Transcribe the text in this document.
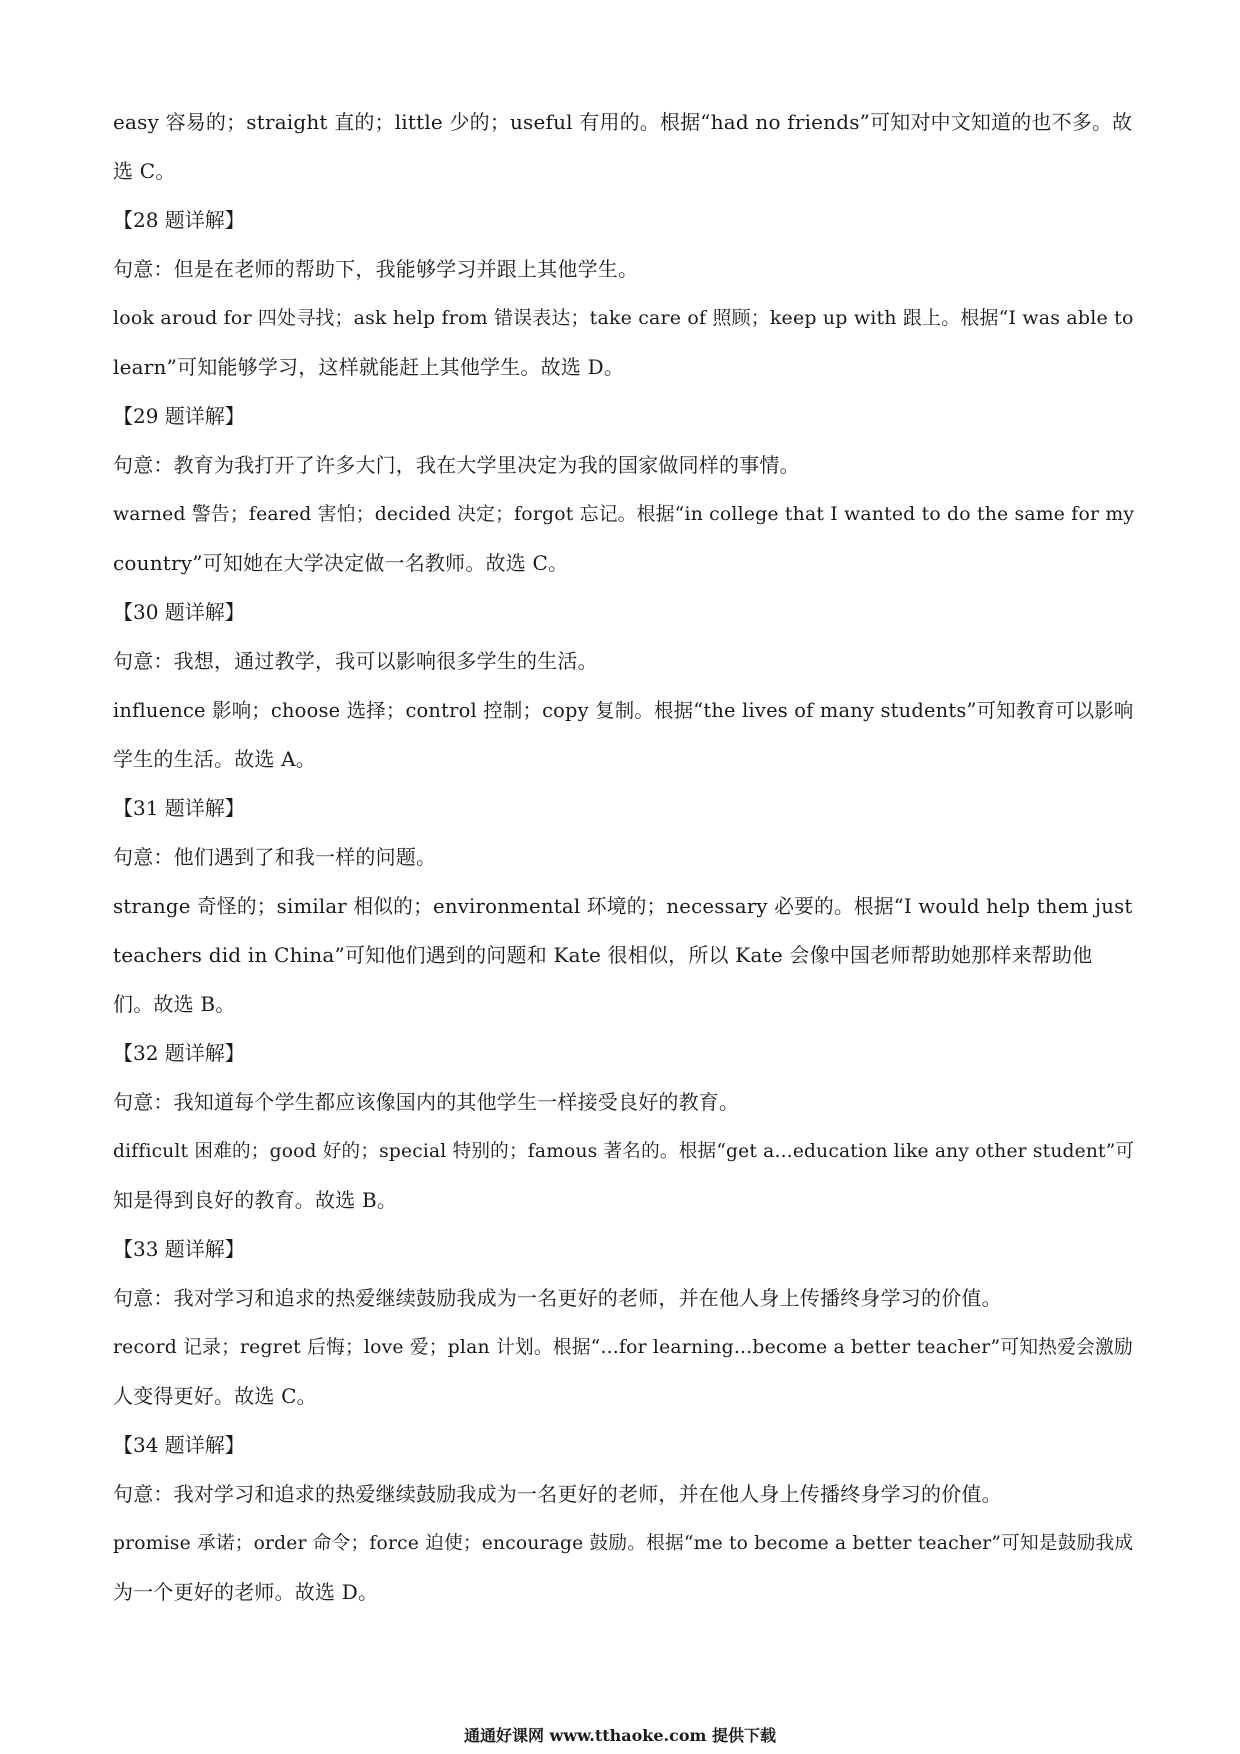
easy 容易的；straight 直的；little 少的；useful 有用的。根据“had no friends”可知对中文知道的也不多。故
选 C。
【28 题详解】
句意：但是在老师的帮助下，我能够学习并跟上其他学生。
look aroud for 四处寻找；ask help from 错误表达；take care of 照顾；keep up with 跟上。根据“I was able to
learn”可知能够学习，这样就能赶上其他学生。故选 D。
【29 题详解】
句意：教育为我打开了许多大门，我在大学里决定为我的国家做同样的事情。
warned 警告；feared 害怕；decided 决定；forgot 忘记。根据“in college that I wanted to do the same for my
country”可知她在大学决定做一名教师。故选 C。
【30 题详解】
句意：我想，通过教学，我可以影响很多学生的生活。
influence 影响；choose 选择；control 控制；copy 复制。根据“the lives of many students”可知教育可以影响
学生的生活。故选 A。
【31 题详解】
句意：他们遇到了和我一样的问题。
strange 奇怪的；similar 相似的；environmental 环境的；necessary 必要的。根据“I would help them just
teachers did in China”可知他们遇到的问题和 Kate 很相似，所以 Kate 会像中国老师帮助她那样来帮助他
们。故选 B。
【32 题详解】
句意：我知道每个学生都应该像国内的其他学生一样接受良好的教育。
difficult 困难的；good 好的；special 特别的；famous 著名的。根据“get a...education like any other student”可
知是得到良好的教育。故选 B。
【33 题详解】
句意：我对学习和追求的热爱继续鼓励我成为一名更好的老师，并在他人身上传播终身学习的价值。
record 记录；regret 后悔；love 爱；plan 计划。根据“...for learning...become a better teacher”可知热爱会激励
人变得更好。故选 C。
【34 题详解】
句意：我对学习和追求的热爱继续鼓励我成为一名更好的老师，并在他人身上传播终身学习的价值。
promise 承诺；order 命令；force 迫使；encourage 鼓励。根据“me to become a better teacher”可知是鼓励我成
为一个更好的老师。故选 D。
通通好课网 www.tthaoke.com 提供下载
